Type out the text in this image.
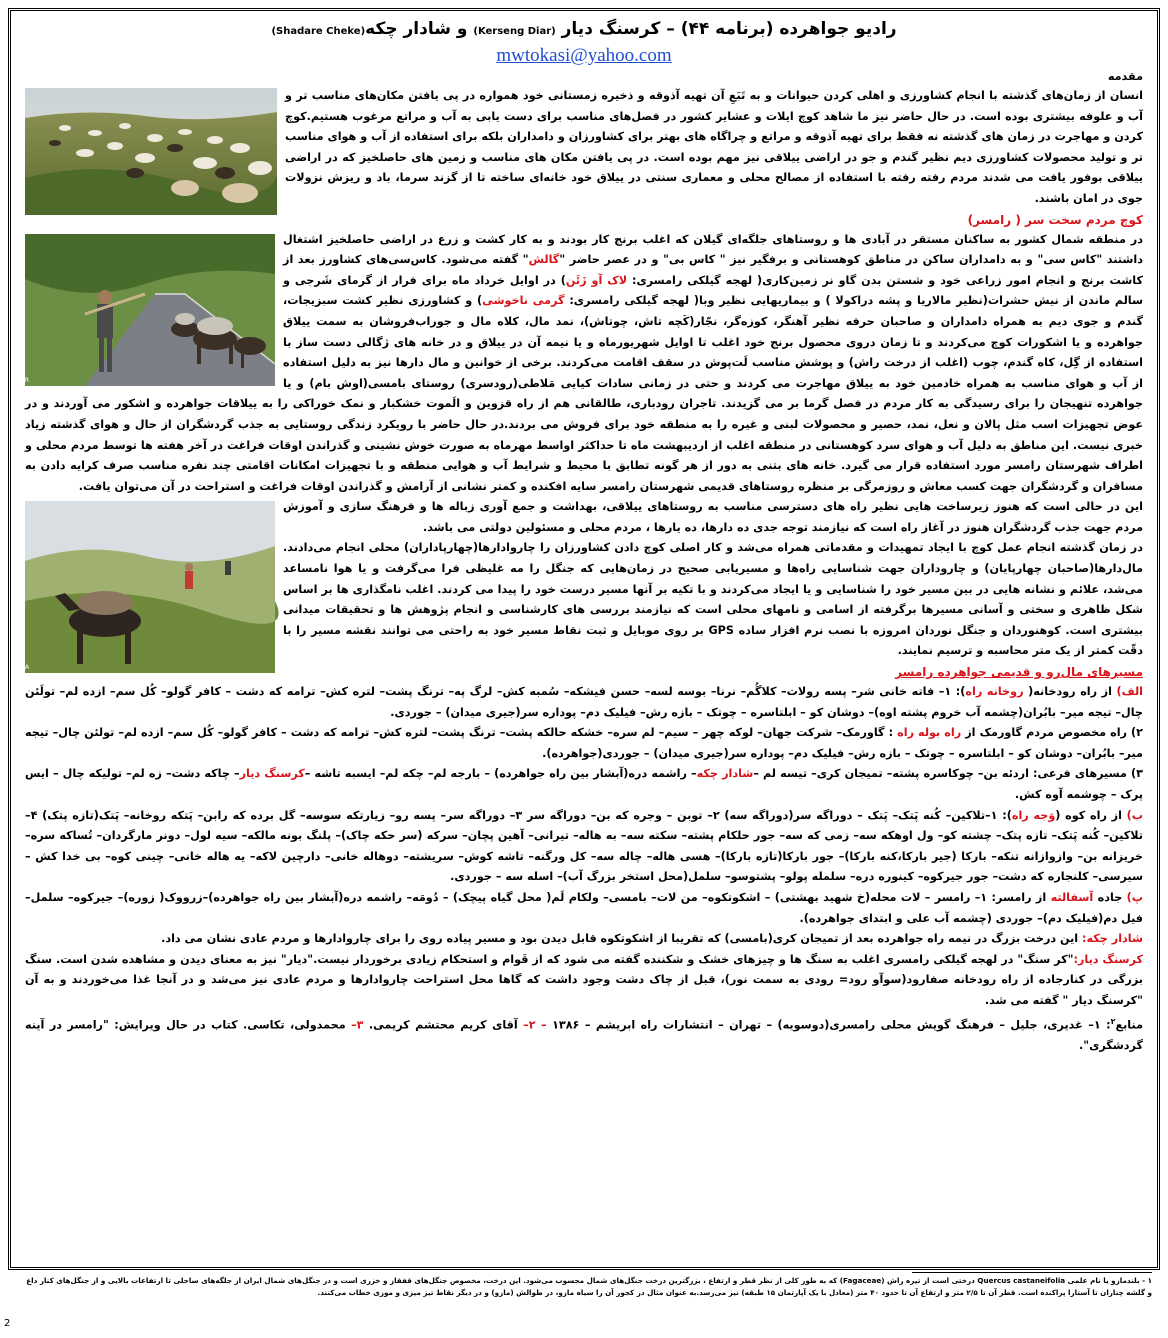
رادیو جواهرده (برنامه ۴۴) – کرسنگ دیار (Kerseng Diar) و شادار چکه(Shadare Cheke)
mwtokasi@yahoo.com
مقدمه

انسان از زمان‌های گذشته با انجام کشاورزی و اهلی کردن حیوانات و به تَبَعِ آن تهیه آذوقه و ذخیره زمستانی خود همواره در پی یافتن مکان‌های مناسب تر و آب و علوفه بیشتری بوده است. در حال حاضر نیز ما شاهد کوچ ایلات و عشایر کشور در فصل‌های مناسب برای دست یابی به آب و مراتع مرغوب هستیم.کوچ کردن و مهاجرت در زمان های گذشته نه فقط برای تهیه آذوقه و مراتع و چراگاه های بهتر برای کشاورزان و دامداران بلکه برای استفاده از آب و هوای مناسب تر و تولید محصولات کشاورزی دیم نظیر گندم و جو در اراضی ییلاقی نیز مهم بوده است. در پی یافتن مکان های مناسب و زمین های حاصلخیز که در اراضی ییلاقی بوفور یافت می شدند مردم رفته رفته با استفاده از مصالح محلی و معماری سنتی در ییلاق خود خانه‌ای ساخته تا از گزند سرما، باد و ریزش نزولات جوی در امان باشند.

کوچ مردم سخت سر ( رامسر)
MEHR

در منطقه شمال کشور به ساکنان مستقر در آبادی ها و روستاهای جلگه‌ای گیلان که اغلب برنج کار بودند و به کار کشت و زرع در اراضی حاصلخیز اشتغال داشتند "کاس سی" و به دامداران ساکن در مناطق کوهستانی و برفگیر نیز " کاس بی" و در عصر حاضر "گالش" گفته می‌شود. کاس‌سی‌های کشاورز بعد از کاشت برنج و انجام امور زراعی خود و شستن بدن گاو نر زمین‌کاری( لهجه گیلکی رامسری: لاک آو زَئَن) در اوایل خرداد ماه برای فرار از گرمای شَرجی و سالم ماندن از نیش حشرات(نظیر مالاریا و پشه دراکولا ) و بیماریهایی نظیر وبا( لهجه گیلکی رامسری: گرمی ناخوشی) و کشاورزی نظیر کشت سبزیجات، گندم و جوی دیم به همراه دامداران و صاحبان حرفه نظیر آهنگر، کوزه‌گر، نجّار(کَچه تاش، چوتاش)، نمد مال، کلاه مال و جوراب‌فروشان به سمت ییلاق جواهرده و یا اشکورات کوچ می‌کردند و تا زمان دروی محصول برنج خود اغلب تا اوایل شهریورماه و یا نیمه آن در ییلاق و در خانه های ژگالی دست ساز با استفاده از گِل، کاه گندم، چوب (اغلب از درخت راش) و پوشش مناسب لَت‌پوش در سقف اقامت می‌کردند. برخی از خوانین و مال دارها نیز به دلیل استفاده از آب و هوای مناسب به همراه خادمین خود به ییلاق مهاجرت می کردند و حتی در زمانی سادات کیایی مَلاطی(رودسری) روستای بامسی(اوش بام) و یا جواهرده تنهیجان را برای رسیدگی به کار مردم در فصل گرما بر می گزیدند. تاجران رودباری، طالقانی هم از راه قزوین و الَموت خشکبار و نمک خوراکی را به ییلاقات جواهرده و اشکور می آوردند و در عوض تجهیزات اسب مثل پالان و نعل، نمد، حصیر و محصولات لبنی و غیره را به منطقه خود برای فروش می بردند.در حال حاضر با رویکرد زندگی روستایی به جذب گردشگران از حال و هوای گذشته زیاد خبری نیست. این مناطق به دلیل آب و هوای سرد کوهستانی در منطقه اغلب از اردیبهشت ماه تا حداکثر اواسط مهرماه به صورت خوش نشینی و گذراندن اوقات فراغت در آخر هفته ها توسط مردم محلی و اطراف شهرستان رامسر مورد استفاده قرار می گیرد. خانه های بتنی به دور از هر گونه تطابق با محیط و شرایط آب و هوایی منطقه و با تجهیزات امکانات اقامتی چند نفره مناسب صرف کرایه دادن به مسافران و گردشگران جهت کسب معاش و روزمرگی بر منظره روستاهای قدیمی شهرستان رامسر سایه افکنده و کمتر نشانی از آرامش و گذراندن اوقات فراغت و استراحت در آن می‌توان یافت.

IRNA

این در حالی است که هنوز زیرساخت هایی نظیر راه های دسترسی مناسب به روستاهای ییلاقی، بهداشت و جمع آوری زباله ها و فرهنگ سازی و آموزش مردم جهت جذب گردشگران هنوز در آغاز راه است که نیازمند توجه جدی ده دارها، ده یارها ، مردم محلی و مسئولین دولتی می باشد.

در زمان گذشته انجام عمل کوچ با ایجاد تمهیدات و مقدماتی همراه می‌شد و کار اصلی کوچ دادن کشاورزان را چاروادارها(چهارپاداران) محلی انجام می‌دادند. مال‌دارها(صاحبان چهارپایان) و چاروداران جهت شناسایی راه‌ها و مسیریابی صحیح در زمان‌هایی که جنگل را مه غلیظی فرا می‌گرفت و یا هوا نامساعد می‌شد، علائم و نشانه هایی در بین مسیر خود را شناسایی و یا ایجاد می‌کردند و با تکیه بر آنها مسیر درست خود را پیدا می کردند. اغلب نامگذاری ها بر اساس شکل ظاهری و سختی و آسانی مسیرها برگرفته از اسامی و نامهای محلی است که نیازمند بررسی های کارشناسی و انجام پژوهش ها و تحقیقات میدانی بیشتری است. کوهنوردان و جنگل نوردان امروزه با نصب نرم افزار ساده GPS بر روی موبایل و ثبت نقاط مسیر خود به راحتی می توانند نقشه مسیر را با دقّت کمتر از یک متر محاسبه و ترسیم نمایند.

مسیرهای مال‌رو و قدیمی جواهرده رامسر

الف) از راه رودخانه( روخانه راه): ۱– فاته خانی شر– پسه رولات– کلاگُم– نرنا– بوسه لسه– حسن فیشکه– سُمبه کش– لرگ په– ترنگ پشت– لتره کش– ترامه که دشت – کافر گولو– کُل سم– ازده لم– تولَئن چال– تیجه میر– بابُران(چشمه آب خروم پشته اوه)– دوشان کو – ابلتاسره – چوتک – بازه رش– فیلیک دم– پوداره سر(جیری میدان) – جوردی.

۲) راه مخصوص مردم گاورمک از راه بوله راه : گاورمک– شرکت جهان– لوکه چهر – سیم– لم سره– خشکه حالکه پشت– ترنگ پشت– لتره کش– ترامه که دشت – کافر گولو– کُل سم– ازده لم– تولئن چال– تیجه میر– بابُران– دوشان کو – ابلتاسره – چوتک – بازه رش– فیلیک دم– پوداره سر(جیری میدان) – جوردی(جواهرده).

۳) مسیرهای فرعی: اردئه بن– چوکاسره پشته– تمیجان کری– تیسه لم –شادار چکه– راشمه دره(آبشار بین راه جواهرده) – بارجه لم– چکه لم– ایسبه تاشه –کرسنگ دیار– چاکه دشت– زه لم– تولیکه چال – ایس پرک – چوشمه آوه کش.

ب) از راه کوه (وَجه راه): ۱–تلاکین– کُنه پَتک– پَتک – دوراگه سر(دوراگه سه) ۲– توبن – وجره که بن– دوراگه سر ۳– دوراگه سر– پسه رو– زیارتکه سوسه– گل برده که رابن– پَتکه روخانه– پَتک(تازه پتک) ۴– تلاکین– کُنه پَتک– تازه پتک– چشته کو– ول اوهکه سه– زمی که سه– جور حلکام پشته– سکته سه– به هاله– تیرانی– آهین پچان– سرکه (سر حکه چاک)– پلنگ بونه مالکه– سیه لول– دونر مارگردان– تُساکه سره– خریزانه بن– وازوازانه تنکه– بارکا (جیر بارکا،کنه بارکا)– جور بارکا(تازه بارکا)– هسی هاله– چاله سه– کل ورگنه– تاشه کوش– سریشته– دوهاله خانی– دارچین لاکه– یه هاله خانی– چینی کوه– بی خدا کش – سیرسی– کلنجاره که دشت– جور جیرکوه– کینوره دره– سلمله پولو– پشتوسو– سلمل(محل استخر بزرگ آب)– اسله سه – جوردی.

پ) جاده آسفالته از رامسر: ۱– رامسر – لات محله(خ شهید بهشتی) – اشکوتکوه– من لات– بامسی– ولکام لَم( محل گیاه پیچک) – دُومَه– راشمه دره(آبشار بین راه جواهرده)–زرووک( زوره)– جیرکوه– سلمل–فیل دم(فیلیک دم)– جوردی (چشمه آب علی و ابتدای جواهرده).

شادار چکه: این درخت بزرگ در نیمه راه جواهرده بعد از تمیجان کری(بامسی) که تقریبا از اشکوتکوه قابل دیدن بود و مسیر پیاده روی را برای چاروادارها و مردم عادی نشان می داد.

کرسنگ دیار:"کر سنگ" در لهجه گیلکی رامسری اغلب به سنگ ها و چیزهای خشک و شکننده گفته می شود که از قَوام و استحکام زیادی برخوردار نیست."دیار" نیز به معنای دیدن و مشاهده شدن است. سنگ بزرگی در کنارجاده از راه رودخانه صفارود(سوآو رود= رودی به سمت نور)، قبل از چاک دشت وجود داشت که گاها محل استراحت چاروادارها و مردم عادی نیز می‌شد و در آنجا غذا می‌خوردند و به آن "کرسنگ دیار " گفته می شد.

منابع$^۲$: ۱– غدیری، جلیل – فرهنگ گویش محلی رامسری(دوسویه) – تهران – انتشارات راه ابریشم – ۱۳۸۶ – ۲– آقای کریم محتشم کریمی. ۳– محمدولی، تکاسی. کتاب در حال ویرایش: "رامسر در آینه گردشگری".

۱ - بلندمازو یا نام علمی Quercus castaneifolia درختی است از تیره راش (Fagaceae) که به طور کلی از نظر قطر و ارتفاع ، بزرگترین درخت جنگل‌های شمال محسوب می‌شود. این درخت، مخصوص جنگل‌های قفقاز و خزری است و در جنگل‌های شمال ایران از جلگه‌های ساحلی تا ارتفاعات بالایی و از جنگل‌های کنار داغ و گلشه چناران تا آستارا پراکنده است. قطر آن تا ۲/۵ متر و ارتفاع آن تا حدود ۴۰ متر (معادل با یک آپارتمان ۱۵ طبقه) نیز می‌رسد.به عنوان مثال در کجور آن را سیاه مازو، در طوالش (مازو) و در دیگر نقاط تیز میزی و موزی خطاب می‌کنند.
2
